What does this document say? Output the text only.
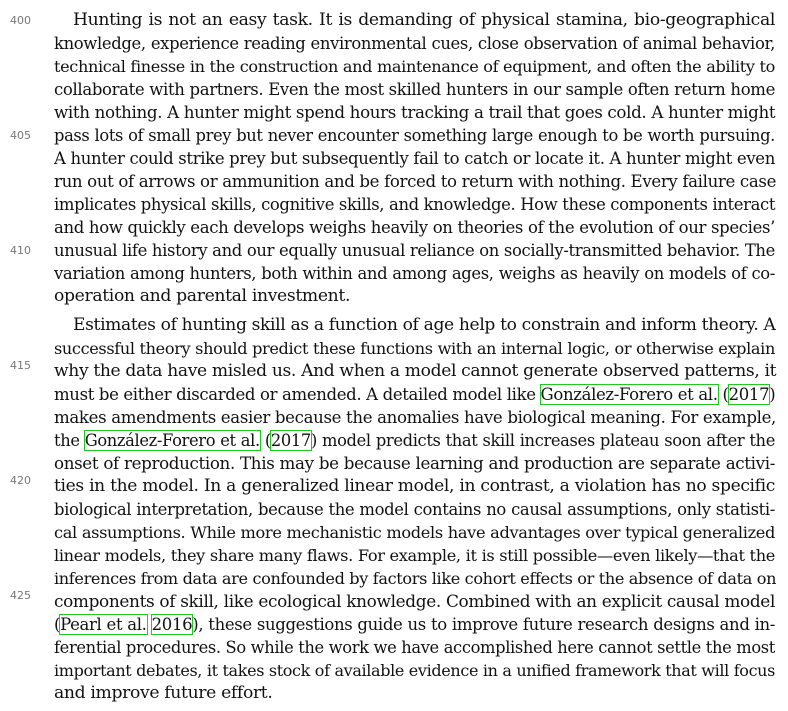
400
405
410
415
420
425
Hunting is not an easy task. It is demanding of physical stamina, bio-geographical
knowledge, experience reading environmental cues, close observation of animal behavior,
technical finesse in the construction and maintenance of equipment, and often the ability to
collaborate with partners. Even the most skilled hunters in our sample often return home
with nothing. A hunter might spend hours tracking a trail that goes cold. A hunter might
pass lots of small prey but never encounter something large enough to be worth pursuing.
A hunter could strike prey but subsequently fail to catch or locate it. A hunter might even
run out of arrows or ammunition and be forced to return with nothing. Every failure case
implicates physical skills, cognitive skills, and knowledge. How these components interact
and how quickly each develops weighs heavily on theories of the evolution of our species’
unusual life history and our equally unusual reliance on socially-transmitted behavior. The
variation among hunters, both within and among ages, weighs as heavily on models of co-
operation and parental investment.
Estimates of hunting skill as a function of age help to constrain and inform theory. A
successful theory should predict these functions with an internal logic, or otherwise explain
why the data have misled us. And when a model cannot generate observed patterns, it
must be either discarded or amended. A detailed model like González-Forero et al. (2017)
makes amendments easier because the anomalies have biological meaning. For example,
the González-Forero et al. (2017) model predicts that skill increases plateau soon after the
onset of reproduction. This may be because learning and production are separate activi-
ties in the model. In a generalized linear model, in contrast, a violation has no specific
biological interpretation, because the model contains no causal assumptions, only statisti-
cal assumptions. While more mechanistic models have advantages over typical generalized
linear models, they share many flaws. For example, it is still possible—even likely—that the
inferences from data are confounded by factors like cohort effects or the absence of data on
components of skill, like ecological knowledge. Combined with an explicit causal model
(Pearl et al. 2016), these suggestions guide us to improve future research designs and in-
ferential procedures. So while the work we have accomplished here cannot settle the most
important debates, it takes stock of available evidence in a unified framework that will focus
and improve future effort.
